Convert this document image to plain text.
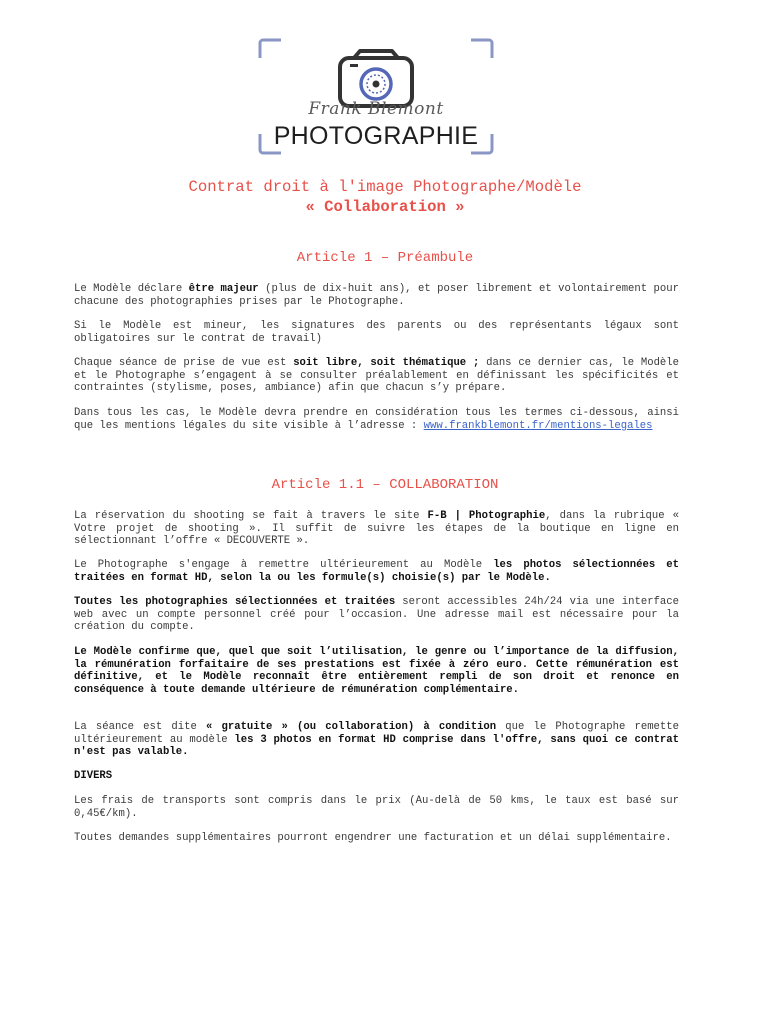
Frank Blemont
PHOTOGRAPHIE
Contrat droit à l'image Photographe/Modèle
« Collaboration »
Article 1 – Préambule

Le Modèle déclare être majeur (plus de dix-huit ans), et poser librement et volontairement pour chacune des photographies prises par le Photographe.

Si le Modèle est mineur, les signatures des parents ou des représentants légaux sont obligatoires sur le contrat de travail)

Chaque séance de prise de vue est soit libre, soit thématique ; dans ce dernier cas, le Modèle et le Photographe s’engagent à se consulter préalablement en définissant les spécificités et contraintes (stylisme, poses, ambiance) afin que chacun s’y prépare.

Dans tous les cas, le Modèle devra prendre en considération tous les termes ci-dessous, ainsi que les mentions légales du site visible à l’adresse : www.frankblemont.fr/mentions-legales

Article 1.1 – COLLABORATION

La réservation du shooting se fait à travers le site F-B | Photographie, dans la rubrique « Votre projet de shooting ». Il suffit de suivre les étapes de la boutique en ligne en sélectionnant l’offre « DECOUVERTE ».

Le Photographe s'engage à remettre ultérieurement au Modèle les photos sélectionnées et traitées en format HD, selon la ou les formule(s) choisie(s) par le Modèle.

Toutes les photographies sélectionnées et traitées seront accessibles 24h/24 via une interface web avec un compte personnel créé pour l’occasion. Une adresse mail est nécessaire pour la création du compte.

Le Modèle confirme que, quel que soit l’utilisation, le genre ou l’importance de la diffusion, la rémunération forfaitaire de ses prestations est fixée à zéro euro. Cette rémunération est définitive, et le Modèle reconnaît être entièrement rempli de son droit et renonce en conséquence à toute demande ultérieure de rémunération complémentaire.

La séance est dite « gratuite » (ou collaboration) à condition que le Photographe remette ultérieurement au modèle les 3 photos en format HD comprise dans l'offre, sans quoi ce contrat n'est pas valable.

DIVERS

Les frais de transports sont compris dans le prix (Au-delà de 50 kms, le taux est basé sur 0,45€/km).

Toutes demandes supplémentaires pourront engendrer une facturation et un délai supplémentaire.
